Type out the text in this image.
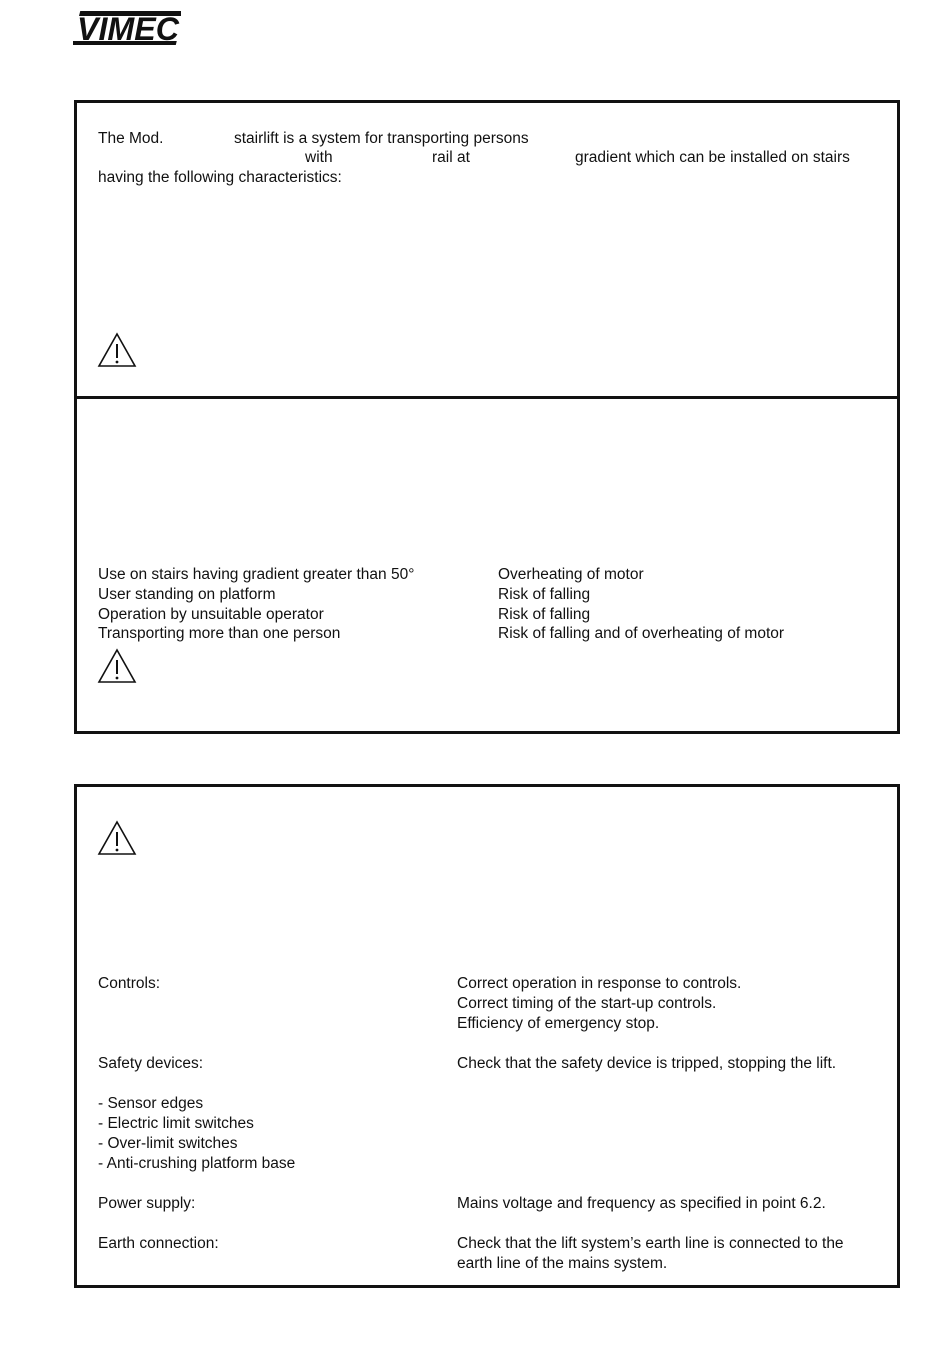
VIMEC
The Mod.	stairlift is a system for transporting persons
with	rail at	gradient which can be installed on stairs
having the following characteristics:
Use on stairs having gradient greater than 50°	Overheating of motor
User standing on platform	Risk of falling
Operation by unsuitable operator	Risk of falling
Transporting more than one person	Risk of falling and of overheating of motor
Controls:	Correct operation in response to controls.
Correct timing of the start-up controls.
Efficiency of emergency stop.
Safety devices:	Check that the safety device is tripped, stopping the lift.
- Sensor edges
- Electric limit switches
- Over-limit switches
- Anti-crushing platform base
Power supply:	Mains voltage and frequency as specified in point 6.2.
Earth connection:	Check that the lift system’s earth line is connected to the
earth line of the mains system.
